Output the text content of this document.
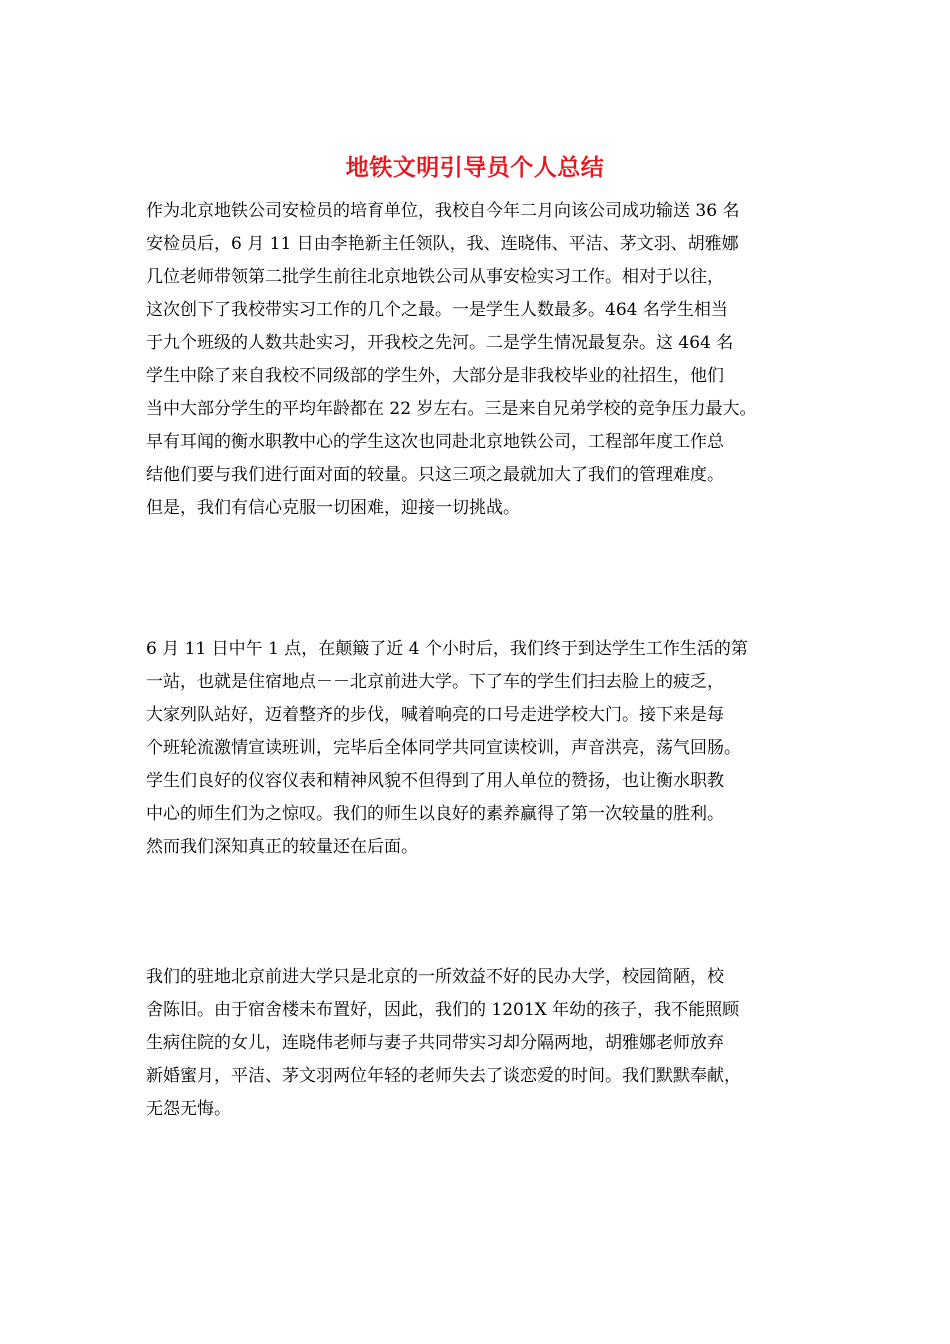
地铁文明引导员个人总结
作为北京地铁公司安检员的培育单位，我校自今年二月向该公司成功输送 36 名
安检员后，6 月 11 日由李艳新主任领队，我、连晓伟、平洁、茅文羽、胡雅娜
几位老师带领第二批学生前往北京地铁公司从事安检实习工作。相对于以往，
这次创下了我校带实习工作的几个之最。一是学生人数最多。464 名学生相当
于九个班级的人数共赴实习，开我校之先河。二是学生情况最复杂。这 464 名
学生中除了来自我校不同级部的学生外，大部分是非我校毕业的社招生，他们
当中大部分学生的平均年龄都在 22 岁左右。三是来自兄弟学校的竞争压力最大。
早有耳闻的衡水职教中心的学生这次也同赴北京地铁公司，工程部年度工作总
结他们要与我们进行面对面的较量。只这三项之最就加大了我们的管理难度。
但是，我们有信心克服一切困难，迎接一切挑战。
6 月 11 日中午 1 点，在颠簸了近 4 个小时后，我们终于到达学生工作生活的第
一站，也就是住宿地点－－北京前进大学。下了车的学生们扫去脸上的疲乏，
大家列队站好，迈着整齐的步伐，喊着响亮的口号走进学校大门。接下来是每
个班轮流激情宣读班训，完毕后全体同学共同宣读校训，声音洪亮，荡气回肠。
学生们良好的仪容仪表和精神风貌不但得到了用人单位的赞扬，也让衡水职教
中心的师生们为之惊叹。我们的师生以良好的素养赢得了第一次较量的胜利。
然而我们深知真正的较量还在后面。
我们的驻地北京前进大学只是北京的一所效益不好的民办大学，校园简陋，校
舍陈旧。由于宿舍楼未布置好，因此，我们的 1201X 年幼的孩子，我不能照顾
生病住院的女儿，连晓伟老师与妻子共同带实习却分隔两地，胡雅娜老师放弃
新婚蜜月，平洁、茅文羽两位年轻的老师失去了谈恋爱的时间。我们默默奉献，
无怨无悔。
